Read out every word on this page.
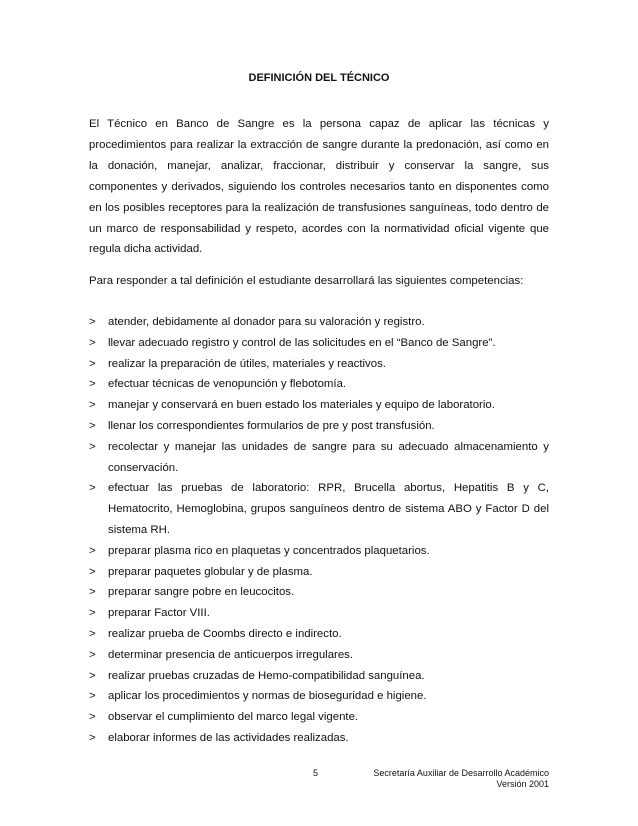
DEFINICIÓN DEL TÉCNICO

El Técnico en Banco de Sangre es la persona capaz de aplicar las técnicas y procedimientos para realizar la extracción de sangre durante la predonación, así como en la donación, manejar, analizar, fraccionar, distribuir y conservar la sangre, sus componentes y derivados, siguiendo los controles necesarios tanto en disponentes como en los posibles receptores para la realización de transfusiones sanguíneas, todo dentro de un marco de responsabilidad y respeto, acordes con la normatividad oficial vigente que regula dicha actividad.

Para responder a tal definición el estudiante desarrollará las siguientes competencias:

>	atender, debidamente al donador para su valoración y registro.
>	llevar adecuado registro y control de las solicitudes en el “Banco de Sangre”.
>	realizar la preparación de útiles, materiales y reactivos.
>	efectuar técnicas de venopunción y flebotomía.
>	manejar y conservará en buen estado los materiales y equipo de laboratorio.
>	llenar los correspondientes formularios de pre y post transfusión.
>	recolectar y manejar las unidades de sangre para su adecuado almacenamiento y conservación.
>	efectuar las pruebas de laboratorio: RPR, Brucella abortus, Hepatitis B y C, Hematocrito, Hemoglobina, grupos sanguíneos dentro de sistema ABO y Factor D del sistema RH.
>	preparar plasma rico en plaquetas y concentrados plaquetarios.
>	preparar paquetes globular y de plasma.
>	preparar sangre pobre en leucocitos.
>	preparar Factor VIII.
>	realizar prueba de Coombs directo e indirecto.
>	determinar presencia de anticuerpos irregulares.
>	realizar pruebas cruzadas de Hemo-compatibilidad sanguínea.
>	aplicar los procedimientos y normas de bioseguridad e higiene.
>	observar el cumplimiento del marco legal vigente.
>	elaborar informes de las actividades realizadas.
5	Secretaría Auxiliar de Desarrollo Académico
Versión 2001
